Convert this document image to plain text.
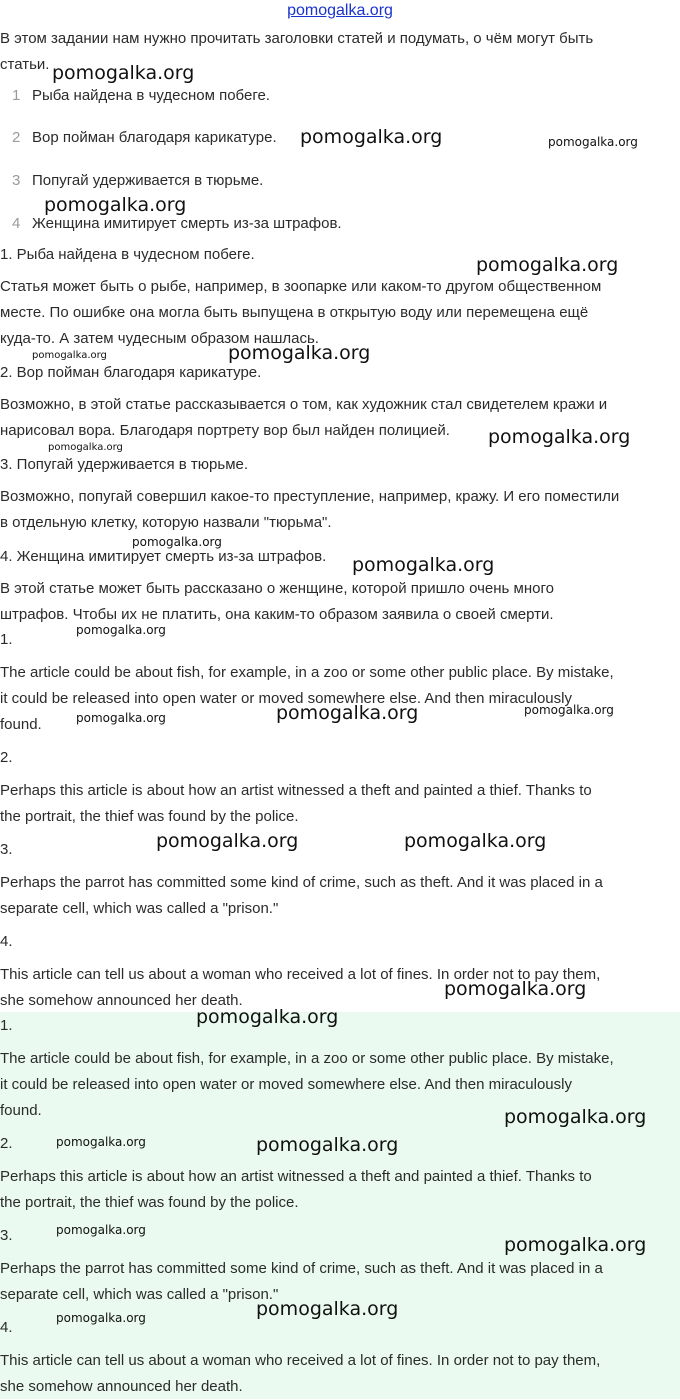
pomogalka.org

В этом задании нам нужно прочитать заголовки статей и подумать, о чём могут быть

статьи.

1 Рыба найдена в чудесном побеге.
2 Вор пойман благодаря карикатуре.
3 Попугай удерживается в тюрьме.
4 Женщина имитирует смерть из-за штрафов.

1. Рыба найдена в чудесном побеге.

Статья может быть о рыбе, например, в зоопарке или каком-то другом общественном

месте. По ошибке она могла быть выпущена в открытую воду или перемещена ещё

куда-то. А затем чудесным образом нашлась.

2. Вор пойман благодаря карикатуре.

Возможно, в этой статье рассказывается о том, как художник стал свидетелем кражи и

нарисовал вора. Благодаря портрету вор был найден полицией.

3. Попугай удерживается в тюрьме.

Возможно, попугай совершил какое-то преступление, например, кражу. И его поместили

в отдельную клетку, которую назвали "тюрьма".

4. Женщина имитирует смерть из-за штрафов.

В этой статье может быть рассказано о женщине, которой пришло очень много

штрафов. Чтобы их не платить, она каким-то образом заявила о своей смерти.

1.

The article could be about fish, for example, in a zoo or some other public place. By mistake,

it could be released into open water or moved somewhere else. And then miraculously

found.

2.

Perhaps this article is about how an artist witnessed a theft and painted a thief. Thanks to

the portrait, the thief was found by the police.

3.

Perhaps the parrot has committed some kind of crime, such as theft. And it was placed in a

separate cell, which was called a "prison."

4.

This article can tell us about a woman who received a lot of fines. In order not to pay them,

she somehow announced her death.

1.

The article could be about fish, for example, in a zoo or some other public place. By mistake,

it could be released into open water or moved somewhere else. And then miraculously

found.

2.

Perhaps this article is about how an artist witnessed a theft and painted a thief. Thanks to

the portrait, the thief was found by the police.

3.

Perhaps the parrot has committed some kind of crime, such as theft. And it was placed in a

separate cell, which was called a "prison."

4.

This article can tell us about a woman who received a lot of fines. In order not to pay them,

she somehow announced her death.

pomogalka.org
pomogalka.org	pomogalka.org
pomogalka.org
pomogalka.org
pomogalka.org
pomogalka.org
pomogalka.org
pomogalka.org
pomogalka.org
pomogalka.org
pomogalka.org
pomogalka.org
pomogalka.org
pomogalka.org
pomogalka.org	pomogalka.org
pomogalka.org
pomogalka.org
pomogalka.org
pomogalka.org	pomogalka.org
pomogalka.org
pomogalka.org
pomogalka.org
pomogalka.org
